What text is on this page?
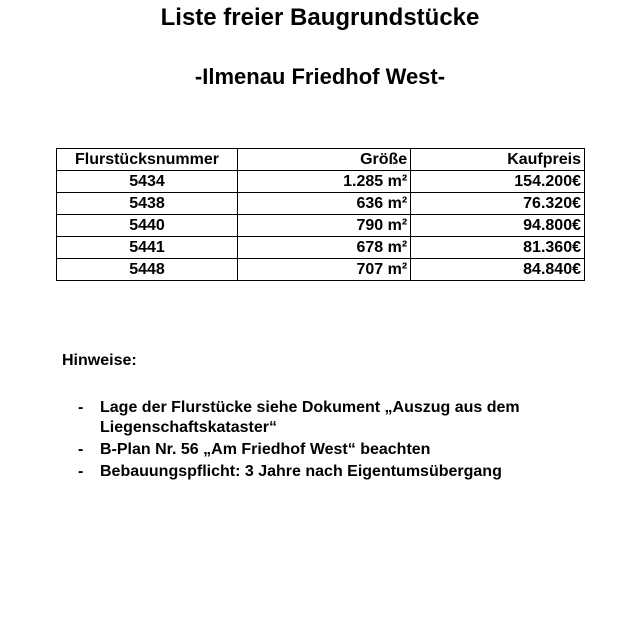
Liste freier Baugrundstücke
-Ilmenau Friedhof West-
Flurstücksnummer	Größe	Kaufpreis
5434	1.285 m²	154.200€
5438	636 m²	76.320€
5440	790 m²	94.800€
5441	678 m²	81.360€
5448	707 m²	84.840€

Hinweise:

- Lage der Flurstücke siehe Dokument „Auszug aus dem Liegenschaftskataster“
- B-Plan Nr. 56 „Am Friedhof West“ beachten
- Bebauungspflicht: 3 Jahre nach Eigentumsübergang
